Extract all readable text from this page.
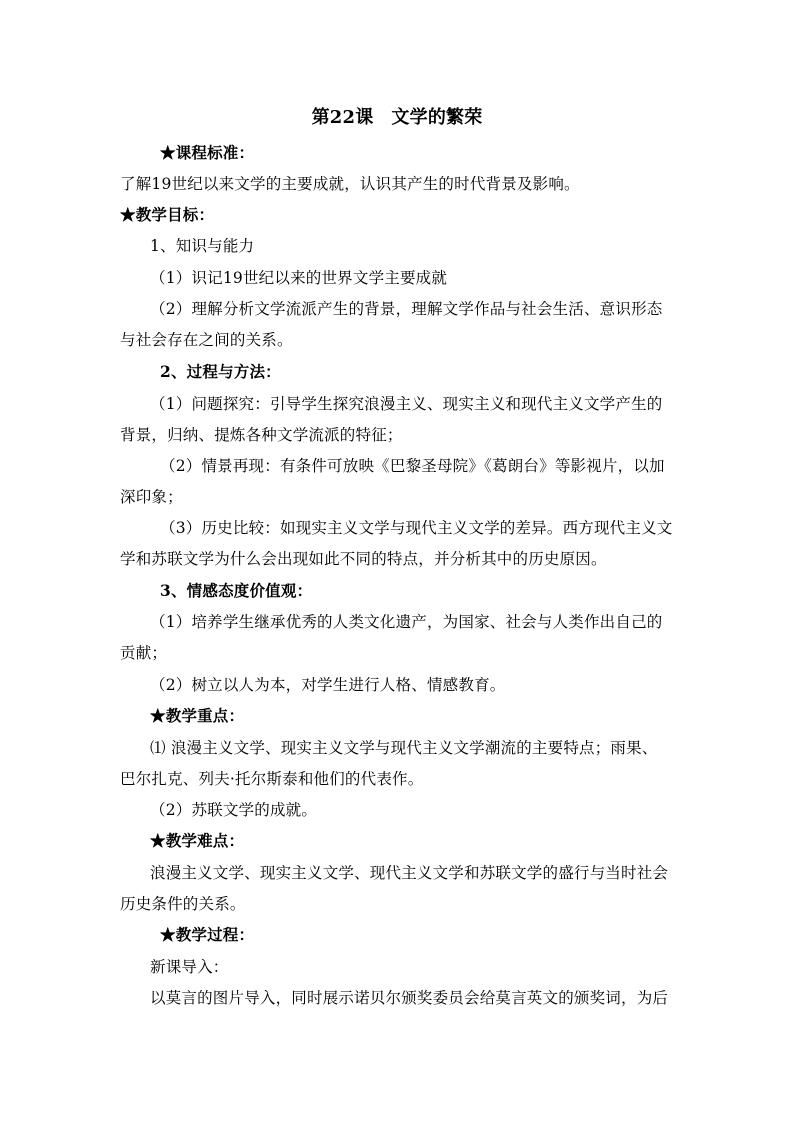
第22课 文学的繁荣
★课程标准：
了解19世纪以来文学的主要成就，认识其产生的时代背景及影响。
★教学目标：
1、知识与能力
（1）识记19世纪以来的世界文学主要成就
（2）理解分析文学流派产生的背景，理解文学作品与社会生活、意识形态
与社会存在之间的关系。
2、过程与方法：
（1）问题探究：引导学生探究浪漫主义、现实主义和现代主义文学产生的
背景，归纳、提炼各种文学流派的特征；
（2）情景再现：有条件可放映《巴黎圣母院》《葛朗台》等影视片，以加
深印象；
（3）历史比较：如现实主义文学与现代主义文学的差异。西方现代主义文
学和苏联文学为什么会出现如此不同的特点，并分析其中的历史原因。
3、情感态度价值观：
（1）培养学生继承优秀的人类文化遗产，为国家、社会与人类作出自己的
贡献；
（2）树立以人为本，对学生进行人格、情感教育。
★教学重点：
⑴ 浪漫主义文学、现实主义文学与现代主义文学潮流的主要特点；雨果、
巴尔扎克、列夫·托尔斯泰和他们的代表作。
（2）苏联文学的成就。
★教学难点：
浪漫主义文学、现实主义文学、现代主义文学和苏联文学的盛行与当时社会
历史条件的关系。
★教学过程：
新课导入：
以莫言的图片导入，同时展示诺贝尔颁奖委员会给莫言英文的颁奖词，为后
